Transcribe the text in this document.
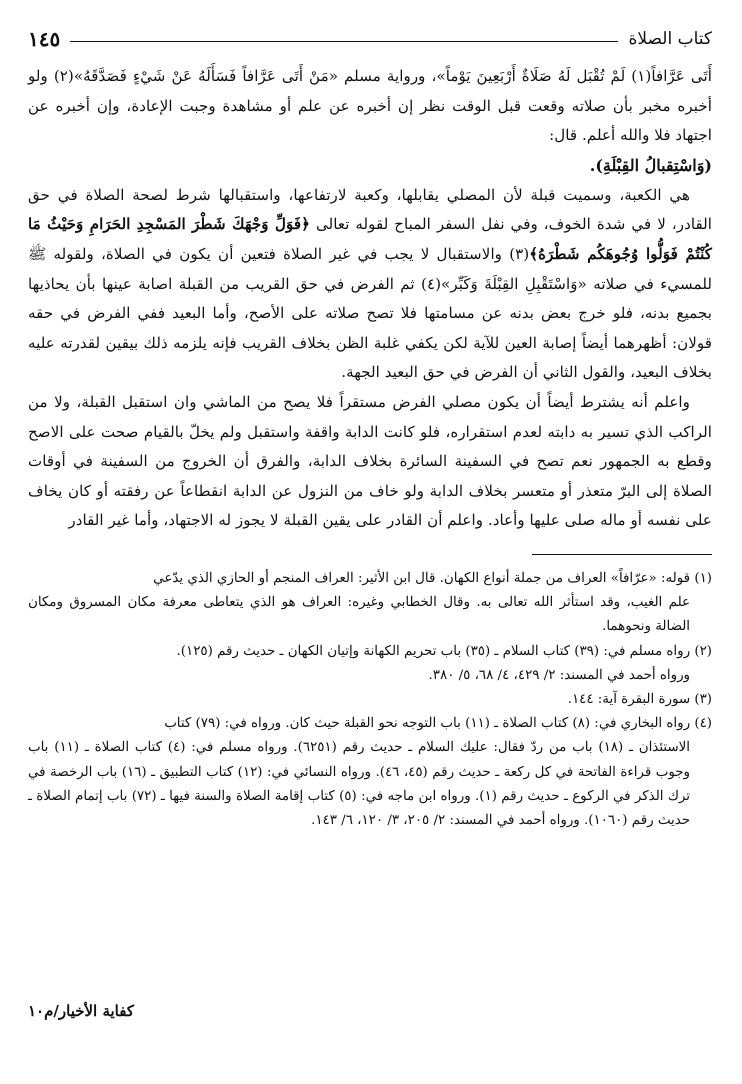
كتاب الصلاة
١٤٥

أَتَى عَرَّافاً(١) لَمْ تُقْبَل لَهُ صَلَاةٌ أَرْبَعِينَ يَوْماً»، ورواية مسلم «مَنْ أَتَى عَرَّافاً فَسَأَلَهُ عَنْ شَيْءٍ فَصَدَّقَهُ»(٢) ولو أخبره مخبر بأن صلاته وقعت قبل الوقت نظر إن أخبره عن علم أو مشاهدة وجبت الإعادة، وإن أخبره عن اجتهاد فلا والله أعلم. قال:

(وَاسْتِقبالُ القِبْلَةِ).

هي الكعبة، وسميت قبلة لأن المصلي يقابلها، وكعبة لارتفاعها، واستقبالها شرط لصحة الصلاة في حق القادر، لا في شدة الخوف، وفي نفل السفر المباح لقوله تعالى ﴿فَوَلِّ وَجْهَكَ شَطْرَ المَسْجِدِ الحَرَامِ وَحَيْثُ مَا كُنْتُمْ فَوَلُّوا وُجُوهَكُم شَطْرَهُ﴾(٣) والاستقبال لا يجب في غير الصلاة فتعين أن يكون في الصلاة، ولقوله ﷺ للمسيء في صلاته «وَاسْتَقْبِلِ القِبْلَةَ وَكَبِّر»(٤) ثم الفرض في حق القريب من القبلة اصابة عينها بأن يحاذيها بجميع بدنه، فلو خرج بعض بدنه عن مسامتها فلا تصح صلاته على الأصح، وأما البعيد ففي الفرض في حقه قولان: أظهرهما أيضاً إصابة العين للآية لكن يكفي غلبة الظن بخلاف القريب فإنه يلزمه ذلك بيقين لقدرته عليه بخلاف البعيد، والقول الثاني أن الفرض في حق البعيد الجهة.

واعلم أنه يشترط أيضاً أن يكون مصلي الفرض مستقراً فلا يصح من الماشي وان استقبل القبلة، ولا من الراكب الذي تسير به دابته لعدم استقراره، فلو كانت الدابة واقفة واستقبل ولم يخلّ بالقيام صحت على الاصح وقطع به الجمهور نعم تصح في السفينة السائرة بخلاف الدابة، والفرق أن الخروج من السفينة في أوقات الصلاة إلى البرّ متعذر أو متعسر بخلاف الدابة ولو خاف من النزول عن الدابة انقطاعاً عن رفقته أو كان يخاف على نفسه أو ماله صلى عليها وأعاد. واعلم أن القادر على يقين القبلة لا يجوز له الاجتهاد، وأما غير القادر

(١) قوله: «عرّافاً» العراف من جملة أنواع الكهان. قال ابن الأثير: العراف المنجم أو الحازي الذي يدّعي
علم الغيب، وقد استأثر الله تعالى به. وقال الخطابي وغيره: العراف هو الذي يتعاطى معرفة مكان المسروق ومكان الضالة ونحوهما.

(٢) رواه مسلم في: (٣٩) كتاب السلام ـ (٣٥) باب تحريم الكهانة وإتيان الكهان ـ حديث رقم (١٢٥).
ورواه أحمد في المسند: ٢/ ٤٢٩، ٤/ ٦٨، ٥/ ٣٨٠.

(٣) سورة البقرة آية: ١٤٤.

(٤) رواه البخاري في: (٨) كتاب الصلاة ـ (١١) باب التوجه نحو القبلة حيث كان. ورواه في: (٧٩) كتاب
الاستئذان ـ (١٨) باب من ردّ فقال: عليك السلام ـ حديث رقم (٦٢٥١). ورواه مسلم في: (٤) كتاب الصلاة ـ (١١) باب وجوب قراءة الفاتحة في كل ركعة ـ حديث رقم (٤٥، ٤٦). ورواه النسائي في: (١٢) كتاب التطبيق ـ (١٦) باب الرخصة في ترك الذكر في الركوع ـ حديث رقم (١). ورواه ابن ماجه في: (٥) كتاب إقامة الصلاة والسنة فيها ـ (٧٢) باب إتمام الصلاة ـ حديث رقم (١٠٦٠). ورواه أحمد في المسند: ٢/ ٢٠٥، ٣/ ١٢٠، ٦/ ١٤٣.

كفاية الأخيار/م١٠
